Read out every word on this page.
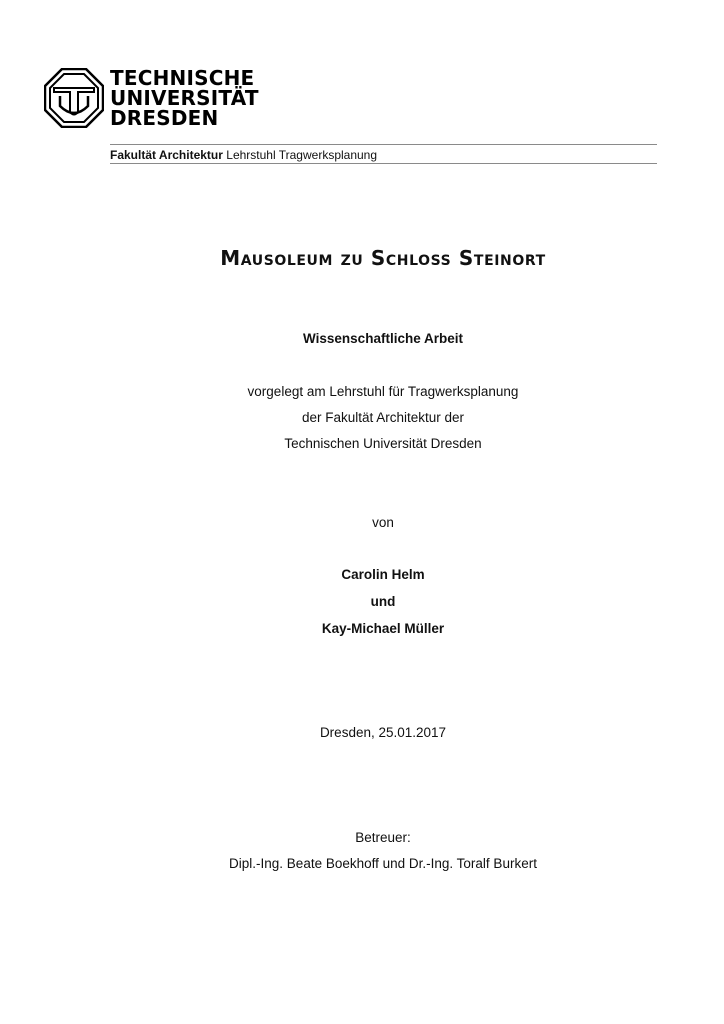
TECHNISCHE
UNIVERSITÄT
DRESDEN
Fakultät Architektur Lehrstuhl Tragwerksplanung
Mausoleum zu Schloss Steinort
Wissenschaftliche Arbeit
vorgelegt am Lehrstuhl für Tragwerksplanung
der Fakultät Architektur der
Technischen Universität Dresden
von
Carolin Helm
und
Kay-Michael Müller
Dresden, 25.01.2017
Betreuer:
Dipl.-Ing. Beate Boekhoff und Dr.-Ing. Toralf Burkert
